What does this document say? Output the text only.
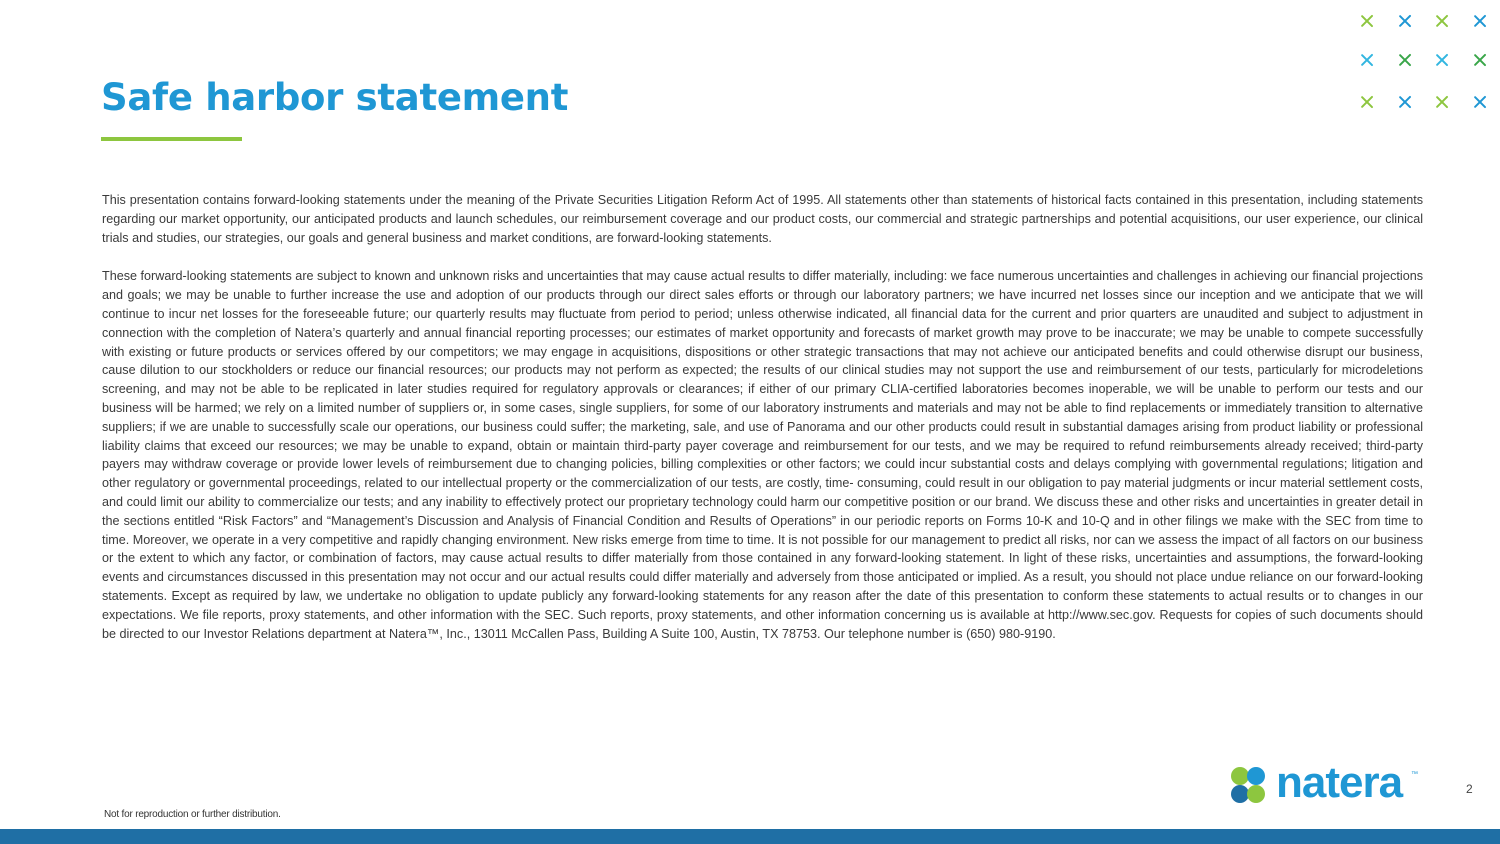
Safe harbor statement

This presentation contains forward-looking statements under the meaning of the Private Securities Litigation Reform Act of 1995. All statements other than statements of historical facts contained in this presentation, including statements regarding our market opportunity, our anticipated products and launch schedules, our reimbursement coverage and our product costs, our commercial and strategic partnerships and potential acquisitions, our user experience, our clinical trials and studies, our strategies, our goals and general business and market conditions, are forward-looking statements.

These forward-looking statements are subject to known and unknown risks and uncertainties that may cause actual results to differ materially, including: we face numerous uncertainties and challenges in achieving our financial projections and goals; we may be unable to further increase the use and adoption of our products through our direct sales efforts or through our laboratory partners; we have incurred net losses since our inception and we anticipate that we will continue to incur net losses for the foreseeable future; our quarterly results may fluctuate from period to period; unless otherwise indicated, all financial data for the current and prior quarters are unaudited and subject to adjustment in connection with the completion of Natera’s quarterly and annual financial reporting processes; our estimates of market opportunity and forecasts of market growth may prove to be inaccurate; we may be unable to compete successfully with existing or future products or services offered by our competitors; we may engage in acquisitions, dispositions or other strategic transactions that may not achieve our anticipated benefits and could otherwise disrupt our business, cause dilution to our stockholders or reduce our financial resources; our products may not perform as expected; the results of our clinical studies may not support the use and reimbursement of our tests, particularly for microdeletions screening, and may not be able to be replicated in later studies required for regulatory approvals or clearances; if either of our primary CLIA-certified laboratories becomes inoperable, we will be unable to perform our tests and our business will be harmed; we rely on a limited number of suppliers or, in some cases, single suppliers, for some of our laboratory instruments and materials and may not be able to find replacements or immediately transition to alternative suppliers; if we are unable to successfully scale our operations, our business could suffer; the marketing, sale, and use of Panorama and our other products could result in substantial damages arising from product liability or professional liability claims that exceed our resources; we may be unable to expand, obtain or maintain third-party payer coverage and reimbursement for our tests, and we may be required to refund reimbursements already received; third-party payers may withdraw coverage or provide lower levels of reimbursement due to changing policies, billing complexities or other factors; we could incur substantial costs and delays complying with governmental regulations; litigation and other regulatory or governmental proceedings, related to our intellectual property or the commercialization of our tests, are costly, time- consuming, could result in our obligation to pay material judgments or incur material settlement costs, and could limit our ability to commercialize our tests; and any inability to effectively protect our proprietary technology could harm our competitive position or our brand. We discuss these and other risks and uncertainties in greater detail in the sections entitled “Risk Factors” and “Management’s Discussion and Analysis of Financial Condition and Results of Operations” in our periodic reports on Forms 10-K and 10-Q and in other filings we make with the SEC from time to time. Moreover, we operate in a very competitive and rapidly changing environment. New risks emerge from time to time. It is not possible for our management to predict all risks, nor can we assess the impact of all factors on our business or the extent to which any factor, or combination of factors, may cause actual results to differ materially from those contained in any forward-looking statement. In light of these risks, uncertainties and assumptions, the forward-looking events and circumstances discussed in this presentation may not occur and our actual results could differ materially and adversely from those anticipated or implied. As a result, you should not place undue reliance on our forward-looking statements. Except as required by law, we undertake no obligation to update publicly any forward-looking statements for any reason after the date of this presentation to conform these statements to actual results or to changes in our expectations. We file reports, proxy statements, and other information with the SEC. Such reports, proxy statements, and other information concerning us is available at http://www.sec.gov. Requests for copies of such documents should be directed to our Investor Relations department at Natera™, Inc., 13011 McCallen Pass, Building A Suite 100, Austin, TX 78753. Our telephone number is (650) 980-9190.

natera ™
2
Not for reproduction or further distribution.
